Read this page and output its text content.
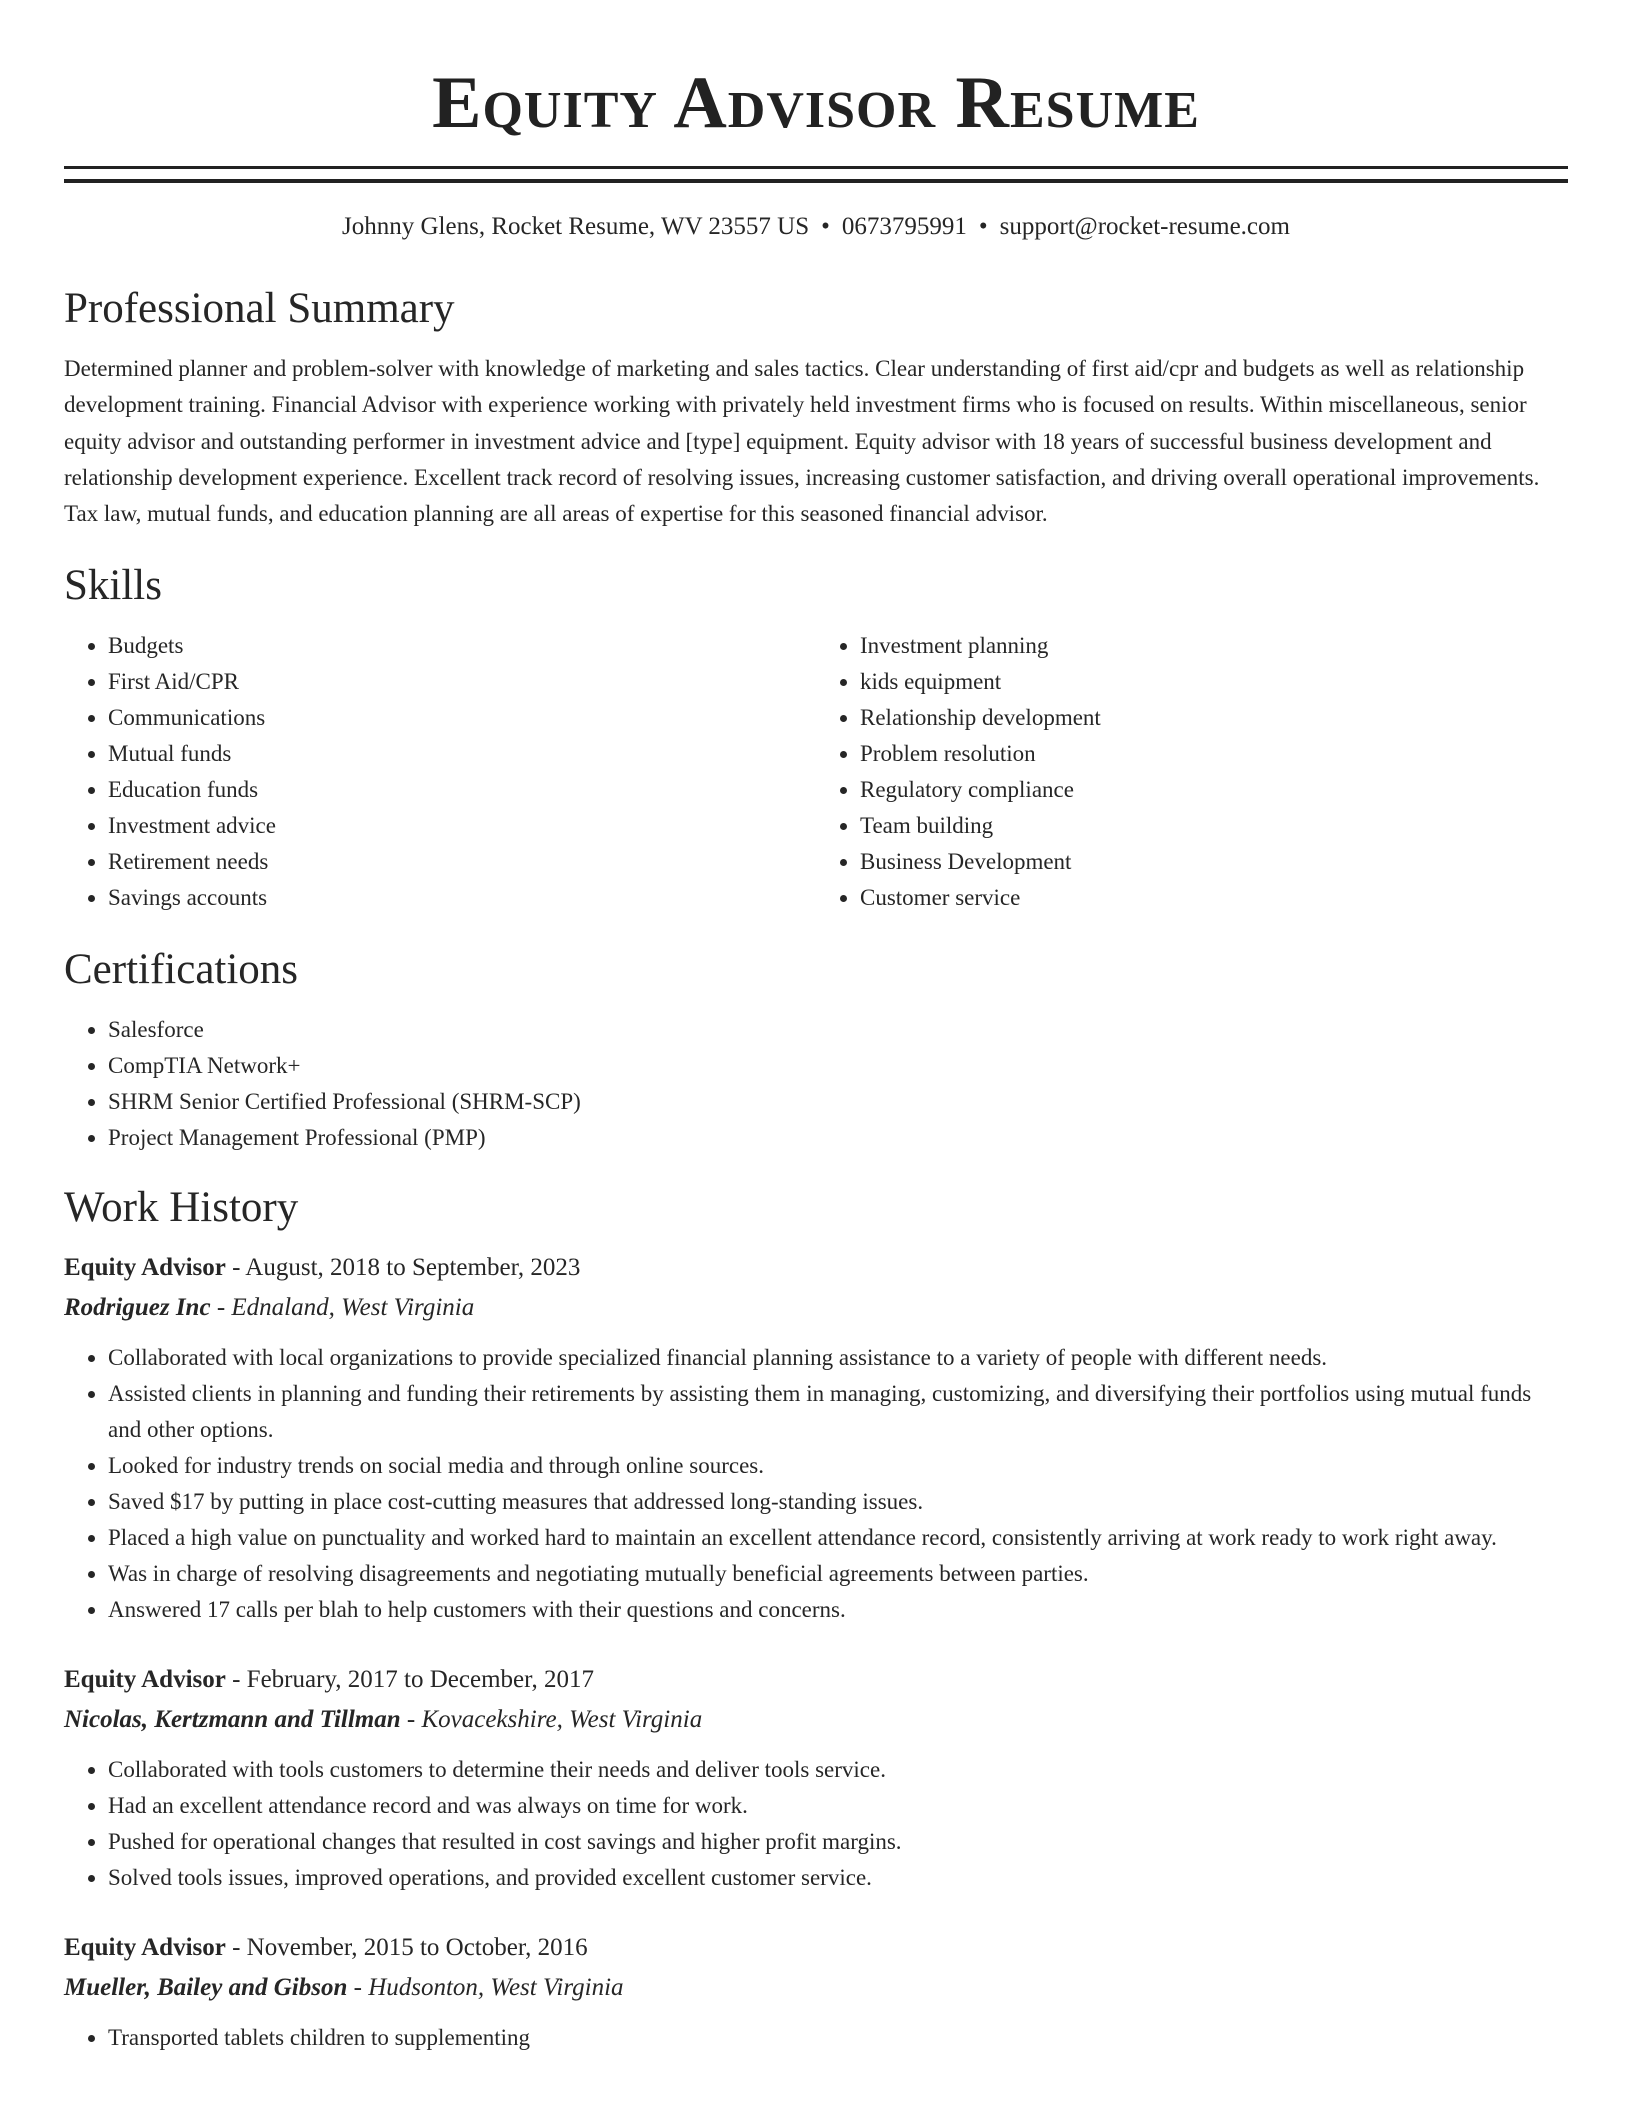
Equity Advisor Resume
Johnny Glens, Rocket Resume, WV 23557 US • 0673795991 • support@rocket-resume.com
Professional Summary
Determined planner and problem-solver with knowledge of marketing and sales tactics. Clear understanding of first aid/cpr and budgets as well as relationship development training. Financial Advisor with experience working with privately held investment firms who is focused on results. Within miscellaneous, senior equity advisor and outstanding performer in investment advice and [type] equipment. Equity advisor with 18 years of successful business development and relationship development experience. Excellent track record of resolving issues, increasing customer satisfaction, and driving overall operational improvements. Tax law, mutual funds, and education planning are all areas of expertise for this seasoned financial advisor.
Skills
• Budgets
• First Aid/CPR
• Communications
• Mutual funds
• Education funds
• Investment advice
• Retirement needs
• Savings accounts
• Investment planning
• kids equipment
• Relationship development
• Problem resolution
• Regulatory compliance
• Team building
• Business Development
• Customer service
Certifications
• Salesforce
• CompTIA Network+
• SHRM Senior Certified Professional (SHRM-SCP)
• Project Management Professional (PMP)
Work History
Equity Advisor - August, 2018 to September, 2023
Rodriguez Inc - Ednaland, West Virginia
• Collaborated with local organizations to provide specialized financial planning assistance to a variety of people with different needs.
• Assisted clients in planning and funding their retirements by assisting them in managing, customizing, and diversifying their portfolios using mutual funds and other options.
• Looked for industry trends on social media and through online sources.
• Saved $17 by putting in place cost-cutting measures that addressed long-standing issues.
• Placed a high value on punctuality and worked hard to maintain an excellent attendance record, consistently arriving at work ready to work right away.
• Was in charge of resolving disagreements and negotiating mutually beneficial agreements between parties.
• Answered 17 calls per blah to help customers with their questions and concerns.
Equity Advisor - February, 2017 to December, 2017
Nicolas, Kertzmann and Tillman - Kovacekshire, West Virginia
• Collaborated with tools customers to determine their needs and deliver tools service.
• Had an excellent attendance record and was always on time for work.
• Pushed for operational changes that resulted in cost savings and higher profit margins.
• Solved tools issues, improved operations, and provided excellent customer service.
Equity Advisor - November, 2015 to October, 2016
Mueller, Bailey and Gibson - Hudsonton, West Virginia
• Transported tablets children to supplementing
